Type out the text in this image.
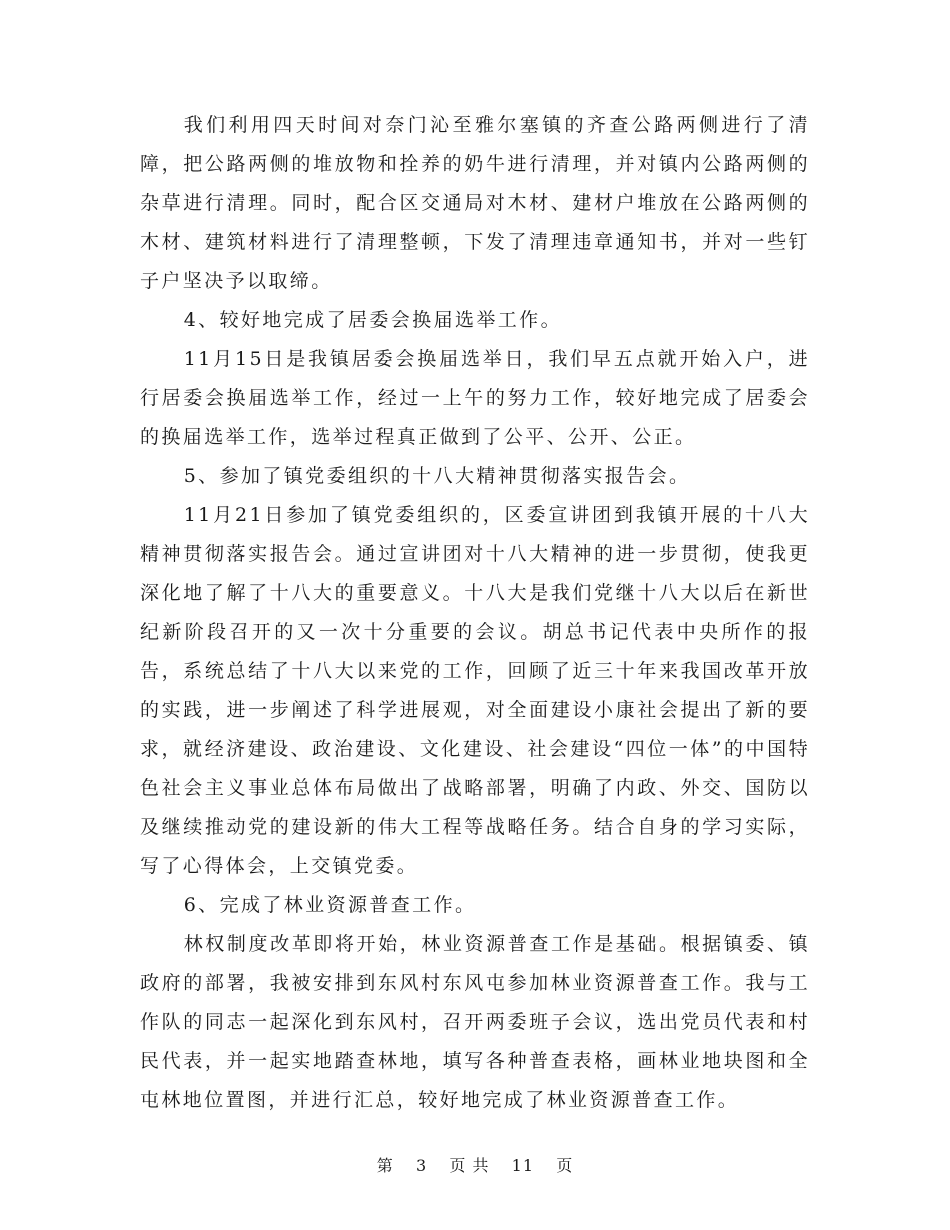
我们利用四天时间对奈门沁至雅尔塞镇的齐查公路两侧进行了清障，把公路两侧的堆放物和拴养的奶牛进行清理，并对镇内公路两侧的杂草进行清理。同时，配合区交通局对木材、建材户堆放在公路两侧的木材、建筑材料进行了清理整顿，下发了清理违章通知书，并对一些钉子户坚决予以取缔。

4、较好地完成了居委会换届选举工作。

11月15日是我镇居委会换届选举日，我们早五点就开始入户，进行居委会换届选举工作，经过一上午的努力工作，较好地完成了居委会的换届选举工作，选举过程真正做到了公平、公开、公正。

5、参加了镇党委组织的十八大精神贯彻落实报告会。

11月21日参加了镇党委组织的，区委宣讲团到我镇开展的十八大精神贯彻落实报告会。通过宣讲团对十八大精神的进一步贯彻，使我更深化地了解了十八大的重要意义。十八大是我们党继十八大以后在新世纪新阶段召开的又一次十分重要的会议。胡总书记代表中央所作的报告，系统总结了十八大以来党的工作，回顾了近三十年来我国改革开放的实践，进一步阐述了科学进展观，对全面建设小康社会提出了新的要求，就经济建设、政治建设、文化建设、社会建设“四位一体”的中国特色社会主义事业总体布局做出了战略部署，明确了内政、外交、国防以及继续推动党的建设新的伟大工程等战略任务。结合自身的学习实际，写了心得体会，上交镇党委。

6、完成了林业资源普查工作。

林权制度改革即将开始，林业资源普查工作是基础。根据镇委、镇政府的部署，我被安排到东风村东风屯参加林业资源普查工作。我与工作队的同志一起深化到东风村，召开两委班子会议，选出党员代表和村民代表，并一起实地踏查林地，填写各种普查表格，画林业地块图和全屯林地位置图，并进行汇总，较好地完成了林业资源普查工作。

第 3 页 共 11 页
